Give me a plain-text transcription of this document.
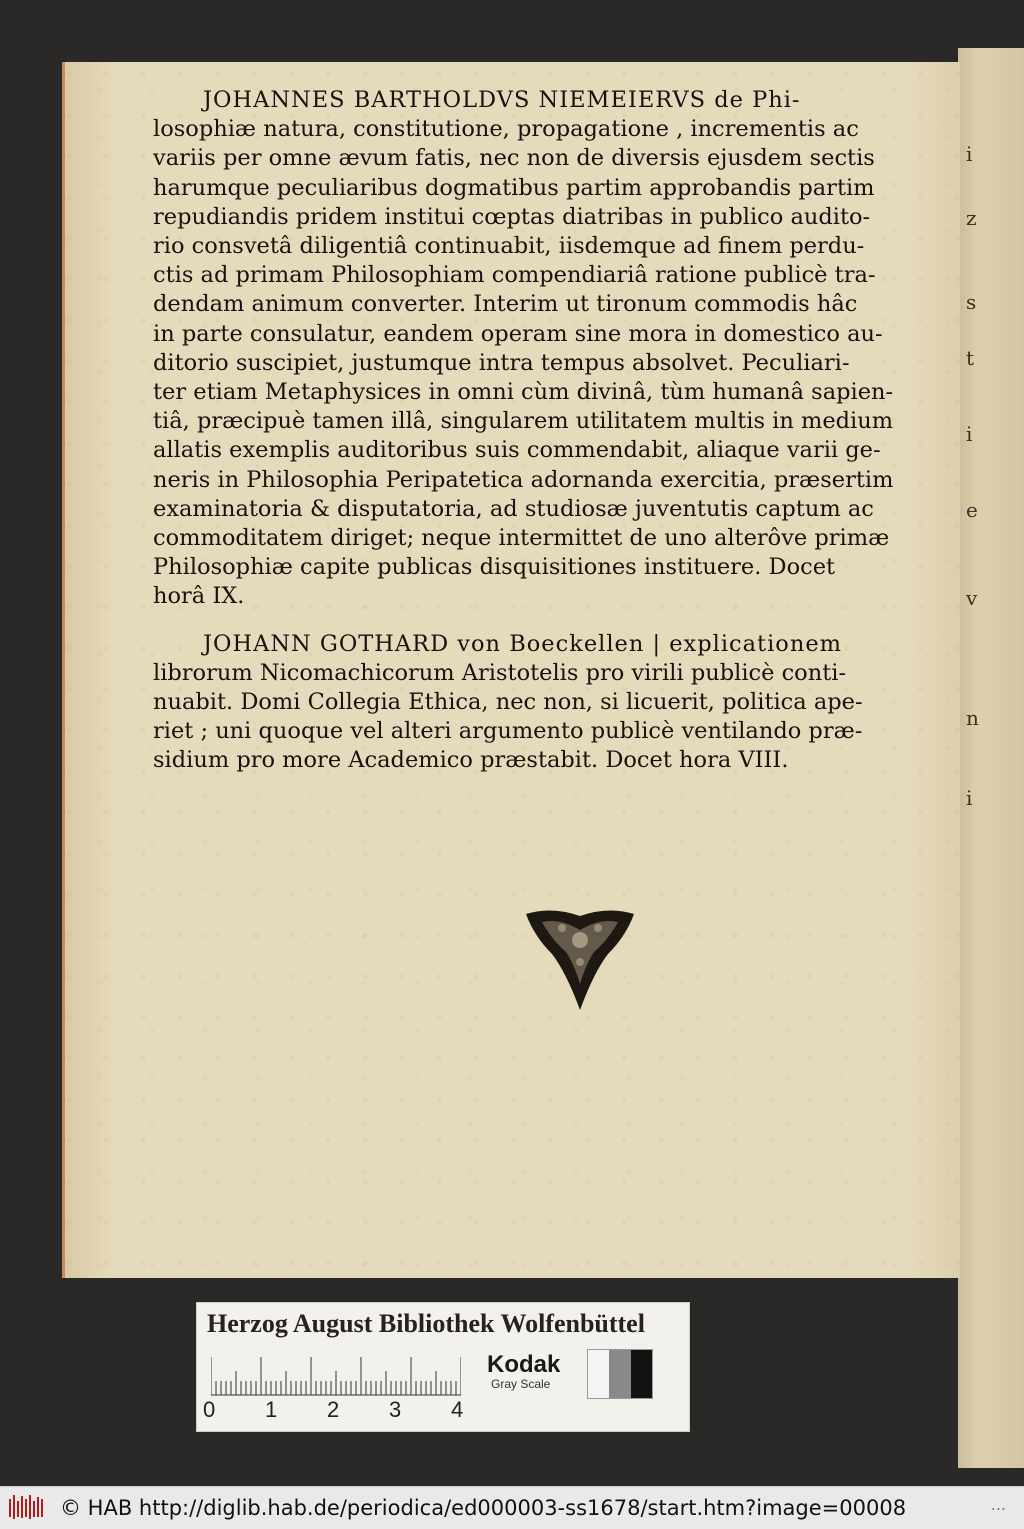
i
z
s
t
i
e
v
n
i

JOHANNES BARTHOLDVS NIEMEIERVS de Phi-
losophiæ natura, constitutione, propagatione , incrementis ac
variis per omne ævum fatis, nec non de diversis ejusdem sectis
harumque peculiaribus dogmatibus partim approbandis partim
repudiandis pridem institui cœptas diatribas in publico audito-
rio consvetâ diligentiâ continuabit, iisdemque ad finem perdu-
ctis ad primam Philosophiam compendiariâ ratione publicè tra-
dendam animum converter. Interim ut tironum commodis hâc
in parte consulatur, eandem operam sine mora in domestico au-
ditorio suscipiet, justumque intra tempus absolvet. Peculiari-
ter etiam Metaphysices in omni cùm divinâ, tùm humanâ sapien-
tiâ, præcipuè tamen illâ, singularem utilitatem multis in medium
allatis exemplis auditoribus suis commendabit, aliaque varii ge-
neris in Philosophia Peripatetica adornanda exercitia, præsertim
examinatoria & disputatoria, ad studiosæ juventutis captum ac
commoditatem diriget; neque intermittet de uno alterôve primæ
Philosophiæ capite publicas disquisitiones instituere. Docet
horâ IX.

JOHANN GOTHARD von Boeckellen | explicationem
librorum Nicomachicorum Aristotelis pro virili publicè conti-
nuabit. Domi Collegia Ethica, nec non, si licuerit, politica ape-
riet ; uni quoque vel alteri argumento publicè ventilando præ-
sidium pro more Academico præstabit. Docet hora VIII.

Herzog August Bibliothek Wolfenbüttel
0 1 2 3 4
Kodak
Gray Scale
© HAB http://diglib.hab.de/periodica/ed000003-ss1678/start.htm?image=00008	...
